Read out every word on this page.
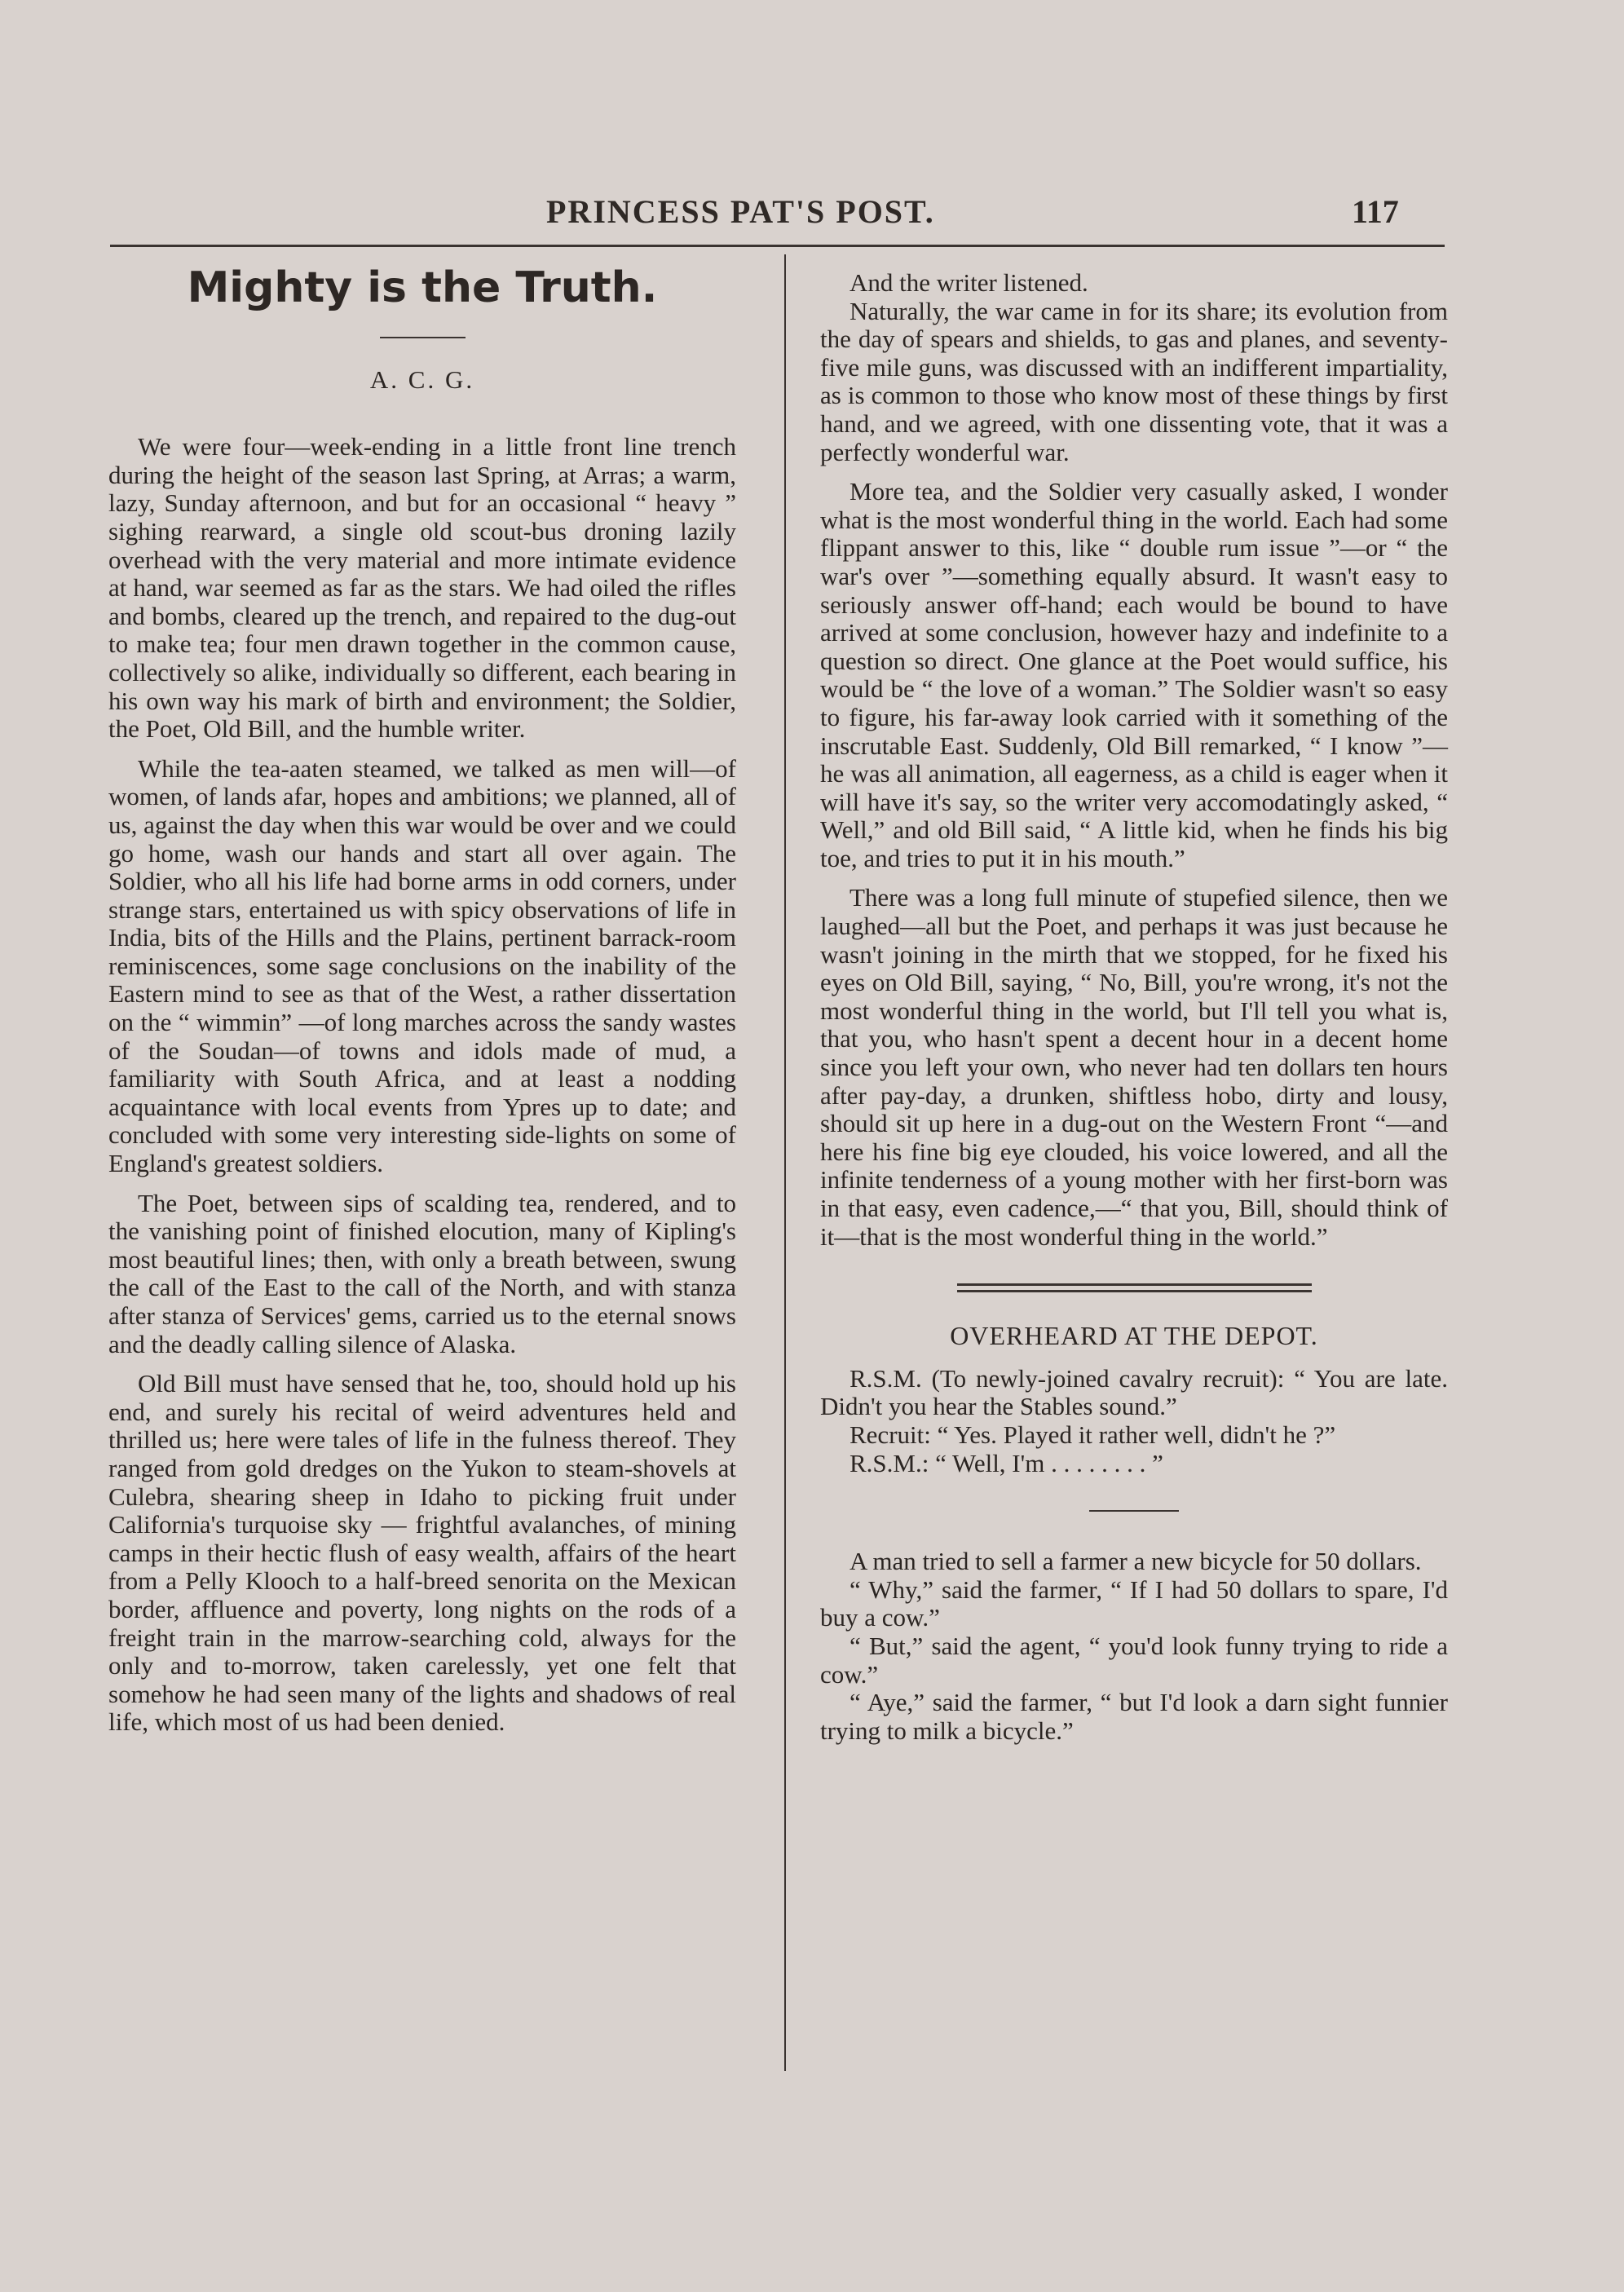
PRINCESS PAT'S POST.	117
Mighty is the Truth.
A. C. G.

We were four—week-ending in a little front line trench during the height of the season last Spring, at Arras; a warm, lazy, Sunday afternoon, and but for an occasional “ heavy ” sighing rearward, a single old scout-bus droning lazily overhead with the very material and more intimate evidence at hand, war seemed as far as the stars. We had oiled the rifles and bombs, cleared up the trench, and repaired to the dug-out to make tea; four men drawn together in the common cause, collectively so alike, individually so different, each bearing in his own way his mark of birth and environment; the Soldier, the Poet, Old Bill, and the humble writer.

While the tea-aaten steamed, we talked as men will—of women, of lands afar, hopes and ambitions; we planned, all of us, against the day when this war would be over and we could go home, wash our hands and start all over again. The Soldier, who all his life had borne arms in odd corners, under strange stars, entertained us with spicy observations of life in India, bits of the Hills and the Plains, pertinent barrack-room reminiscences, some sage conclusions on the inability of the Eastern mind to see as that of the West, a rather dissertation on the “ wimmin” —of long marches across the sandy wastes of the Soudan—of towns and idols made of mud, a familiarity with South Africa, and at least a nodding acquaintance with local events from Ypres up to date; and concluded with some very interesting side-lights on some of England's greatest soldiers.

The Poet, between sips of scalding tea, rendered, and to the vanishing point of finished elocution, many of Kipling's most beautiful lines; then, with only a breath between, swung the call of the East to the call of the North, and with stanza after stanza of Services' gems, carried us to the eternal snows and the deadly calling silence of Alaska.

Old Bill must have sensed that he, too, should hold up his end, and surely his recital of weird adventures held and thrilled us; here were tales of life in the fulness thereof. They ranged from gold dredges on the Yukon to steam-shovels at Culebra, shearing sheep in Idaho to picking fruit under California's turquoise sky — frightful avalanches, of mining camps in their hectic flush of easy wealth, affairs of the heart from a Pelly Klooch to a half-breed senorita on the Mexican border, affluence and poverty, long nights on the rods of a freight train in the marrow-searching cold, always for the only and to-morrow, taken carelessly, yet one felt that somehow he had seen many of the lights and shadows of real life, which most of us had been denied.

And the writer listened.

Naturally, the war came in for its share; its evolution from the day of spears and shields, to gas and planes, and seventy-five mile guns, was discussed with an indifferent impartiality, as is common to those who know most of these things by first hand, and we agreed, with one dissenting vote, that it was a perfectly wonderful war.

More tea, and the Soldier very casually asked, I wonder what is the most wonderful thing in the world. Each had some flippant answer to this, like “ double rum issue ”—or “ the war's over ”—something equally absurd. It wasn't easy to seriously answer off-hand; each would be bound to have arrived at some conclusion, however hazy and indefinite to a question so direct. One glance at the Poet would suffice, his would be “ the love of a woman.” The Soldier wasn't so easy to figure, his far-away look carried with it something of the inscrutable East. Suddenly, Old Bill remarked, “ I know ”—he was all animation, all eagerness, as a child is eager when it will have it's say, so the writer very accomodatingly asked, “ Well,” and old Bill said, “ A little kid, when he finds his big toe, and tries to put it in his mouth.”

There was a long full minute of stupefied silence, then we laughed—all but the Poet, and perhaps it was just because he wasn't joining in the mirth that we stopped, for he fixed his eyes on Old Bill, saying, “ No, Bill, you're wrong, it's not the most wonderful thing in the world, but I'll tell you what is, that you, who hasn't spent a decent hour in a decent home since you left your own, who never had ten dollars ten hours after pay-day, a drunken, shiftless hobo, dirty and lousy, should sit up here in a dug-out on the Western Front “—and here his fine big eye clouded, his voice lowered, and all the infinite tenderness of a young mother with her first-born was in that easy, even cadence,—“ that you, Bill, should think of it—that is the most wonderful thing in the world.”

OVERHEARD AT THE DEPOT.

R.S.M. (To newly-joined cavalry recruit): “ You are late. Didn't you hear the Stables sound.”

Recruit: “ Yes. Played it rather well, didn't he ?”

R.S.M.: “ Well, I'm . . . . . . . . ”

A man tried to sell a farmer a new bicycle for 50 dollars.

“ Why,” said the farmer, “ If I had 50 dollars to spare, I'd buy a cow.”

“ But,” said the agent, “ you'd look funny trying to ride a cow.”

“ Aye,” said the farmer, “ but I'd look a darn sight funnier trying to milk a bicycle.”
